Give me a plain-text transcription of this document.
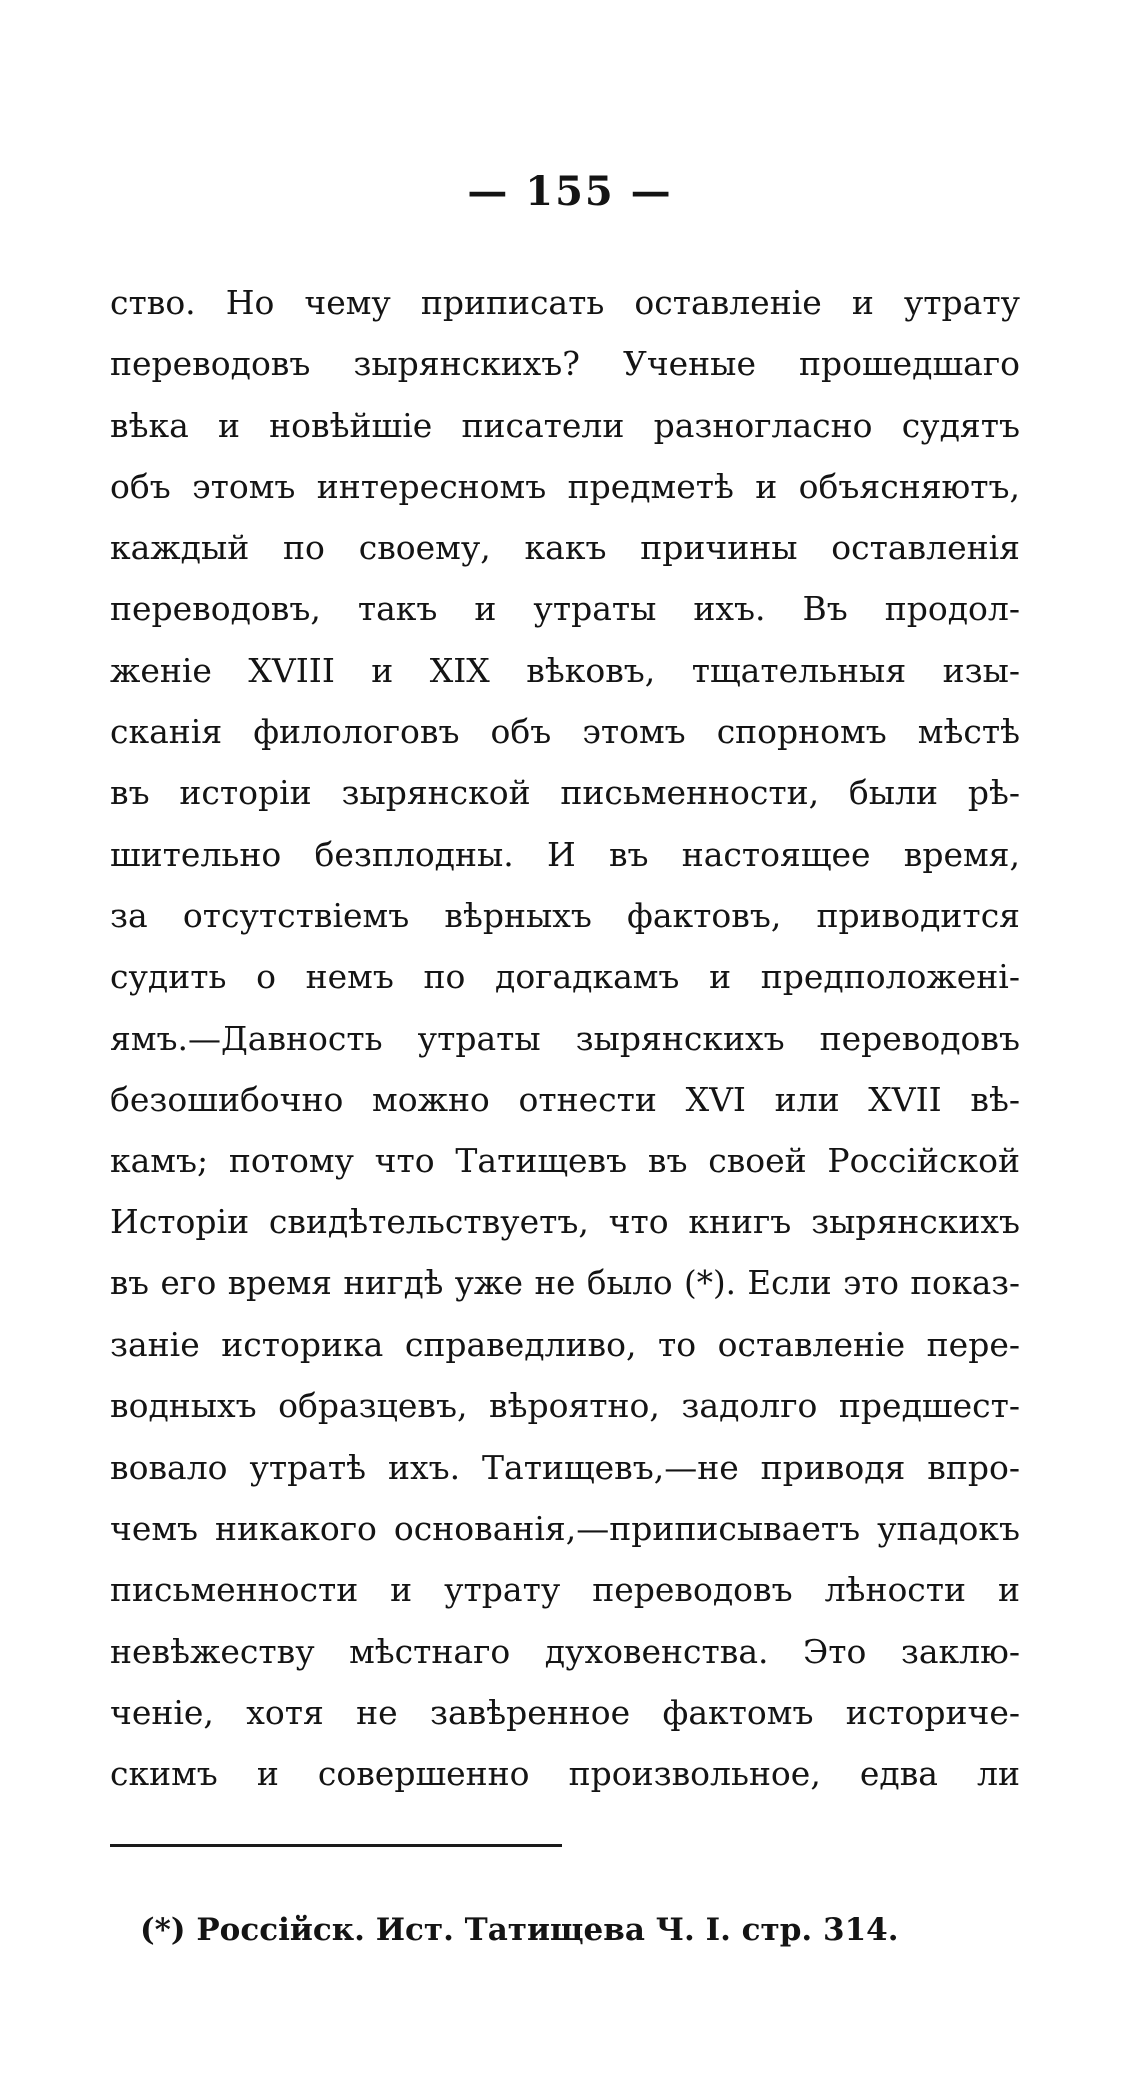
— 155 —
ство. Но чему приписать оставленіе и утрату
переводовъ зырянскихъ? Ученые прошедшаго
вѣка и новѣйшіе писатели разногласно судятъ
объ этомъ интересномъ предметѣ и объясняютъ,
каждый по своему, какъ причины оставленія
переводовъ, такъ и утраты ихъ. Въ продол-
женіе XVIII и XIX вѣковъ, тщательныя изы-
сканія филологовъ объ этомъ спорномъ мѣстѣ
въ исторіи зырянской письменности, были рѣ-
шительно безплодны. И въ настоящее время,
за отсутствіемъ вѣрныхъ фактовъ, приводится
судить о немъ по догадкамъ и предположені-
ямъ.—Давность утраты зырянскихъ переводовъ
безошибочно можно отнести XVI или XVII вѣ-
камъ; потому что Татищевъ въ своей Россійской
Исторіи свидѣтельствуетъ, что книгъ зырянскихъ
въ его время нигдѣ уже не было (*). Если это показ-
заніе историка справедливо, то оставленіе пере-
водныхъ образцевъ, вѣроятно, задолго предшест-
вовало утратѣ ихъ. Татищевъ,—не приводя впро-
чемъ никакого основанія,—приписываетъ упадокъ
письменности и утрату переводовъ лѣности и
невѣжеству мѣстнаго духовенства. Это заклю-
ченіе, хотя не завѣренное фактомъ историче-
скимъ и совершенно произвольное, едва ли
(*) Россійск. Ист. Татищева Ч. I. стр. 314.
